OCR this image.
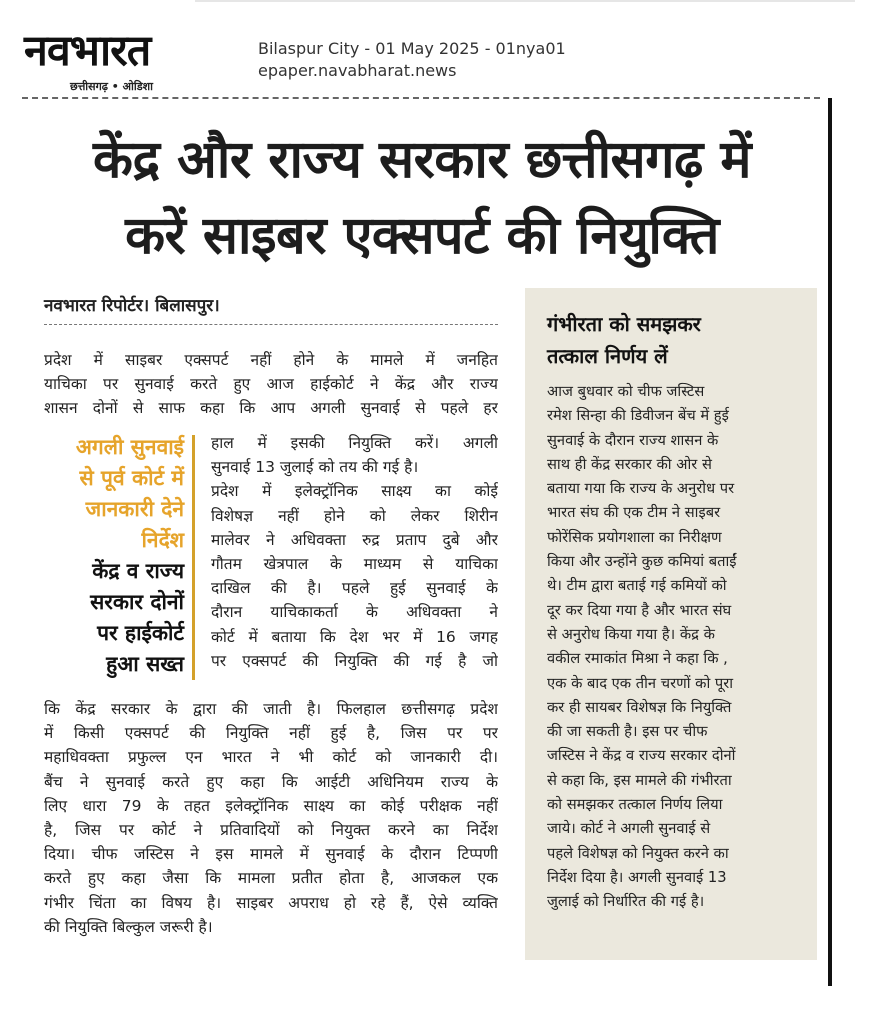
नवभारत
छत्तीसगढ़ • ओडिशा
Bilaspur City - 01 May 2025 - 01nya01
epaper.navabharat.news
केंद्र और राज्य सरकार छत्तीसगढ़ में
करें साइबर एक्सपर्ट की नियुक्ति
नवभारत रिपोर्टर। बिलासपुर।
प्रदेश में साइबर एक्सपर्ट नहीं होने के मामले में जनहित
याचिका पर सुनवाई करते हुए आज हाईकोर्ट ने केंद्र और राज्य
शासन दोनों से साफ कहा कि आप अगली सुनवाई से पहले हर
अगली सुनवाई
से पूर्व कोर्ट में
जानकारी देने
निर्देश
केंद्र व राज्य
सरकार दोनों
पर हाईकोर्ट
हुआ सख्त
हाल में इसकी नियुक्ति करें। अगली
सुनवाई 13 जुलाई को तय की गई है।
प्रदेश में इलेक्ट्रॉनिक साक्ष्य का कोई
विशेषज्ञ नहीं होने को लेकर शिरीन
मालेवर ने अधिवक्ता रुद्र प्रताप दुबे और
गौतम खेत्रपाल के माध्यम से याचिका
दाखिल की है। पहले हुई सुनवाई के
दौरान याचिकाकर्ता के अधिवक्ता ने
कोर्ट में बताया कि देश भर में 16 जगह
पर एक्सपर्ट की नियुक्ति की गई है जो
कि केंद्र सरकार के द्वारा की जाती है। फिलहाल छत्तीसगढ़ प्रदेश
में किसी एक्सपर्ट की नियुक्ति नहीं हुई है, जिस पर पर
महाधिवक्ता प्रफुल्ल एन भारत ने भी कोर्ट को जानकारी दी।
बैंच ने सुनवाई करते हुए कहा कि आईटी अधिनियम राज्य के
लिए धारा 79 के तहत इलेक्ट्रॉनिक साक्ष्य का कोई परीक्षक नहीं
है, जिस पर कोर्ट ने प्रतिवादियों को नियुक्त करने का निर्देश
दिया। चीफ जस्टिस ने इस मामले में सुनवाई के दौरान टिप्पणी
करते हुए कहा जैसा कि मामला प्रतीत होता है, आजकल एक
गंभीर चिंता का विषय है। साइबर अपराध हो रहे हैं, ऐसे व्यक्ति
की नियुक्ति बिल्कुल जरूरी है।
गंभीरता को समझकर
तत्काल निर्णय लें
आज बुधवार को चीफ जस्टिस
रमेश सिन्हा की डिवीजन बेंच में हुई
सुनवाई के दौरान राज्य शासन के
साथ ही केंद्र सरकार की ओर से
बताया गया कि राज्य के अनुरोध पर
भारत संघ की एक टीम ने साइबर
फोरेंसिक प्रयोगशाला का निरीक्षण
किया और उन्होंने कुछ कमियां बताईं
थे। टीम द्वारा बताई गई कमियों को
दूर कर दिया गया है और भारत संघ
से अनुरोध किया गया है। केंद्र के
वकील रमाकांत मिश्रा ने कहा कि ,
एक के बाद एक तीन चरणों को पूरा
कर ही सायबर विशेषज्ञ कि नियुक्ति
की जा सकती है। इस पर चीफ
जस्टिस ने केंद्र व राज्य सरकार दोनों
से कहा कि, इस मामले की गंभीरता
को समझकर तत्काल निर्णय लिया
जाये। कोर्ट ने अगली सुनवाई से
पहले विशेषज्ञ को नियुक्त करने का
निर्देश दिया है। अगली सुनवाई 13
जुलाई को निर्धारित की गई है।
